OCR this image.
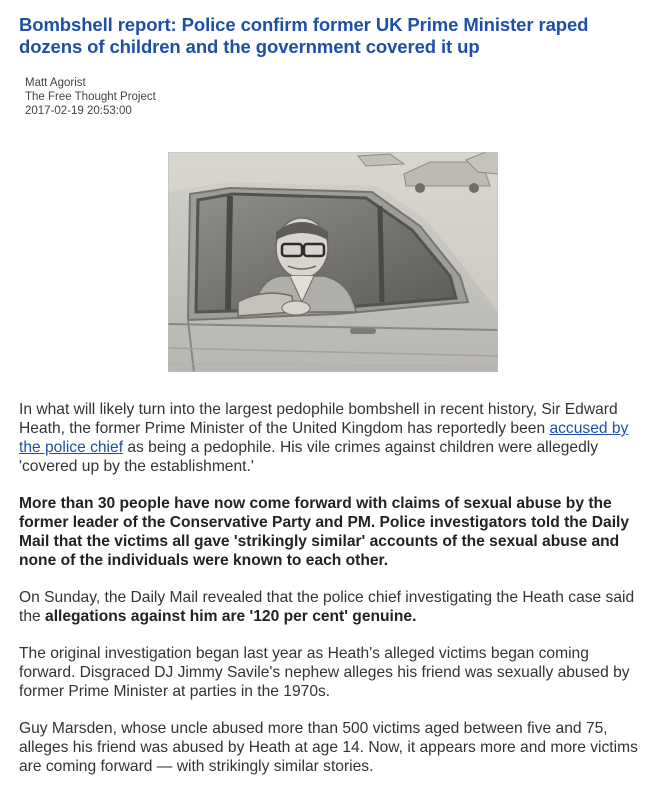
Bombshell report: Police confirm former UK Prime Minister raped dozens of children and the government covered it up
Matt Agorist
The Free Thought Project
2017-02-19 20:53:00

In what will likely turn into the largest pedophile bombshell in recent history, Sir Edward Heath, the former Prime Minister of the United Kingdom has reportedly been accused by the police chief as being a pedophile. His vile crimes against children were allegedly 'covered up by the establishment.'

More than 30 people have now come forward with claims of sexual abuse by the former leader of the Conservative Party and PM. Police investigators told the Daily Mail that the victims all gave 'strikingly similar' accounts of the sexual abuse and none of the individuals were known to each other.

On Sunday, the Daily Mail revealed that the police chief investigating the Heath case said the allegations against him are '120 per cent' genuine.

The original investigation began last year as Heath's alleged victims began coming forward. Disgraced DJ Jimmy Savile's nephew alleges his friend was sexually abused by former Prime Minister at parties in the 1970s.

Guy Marsden, whose uncle abused more than 500 victims aged between five and 75, alleges his friend was abused by Heath at age 14. Now, it appears more and more victims are coming forward — with strikingly similar stories.
